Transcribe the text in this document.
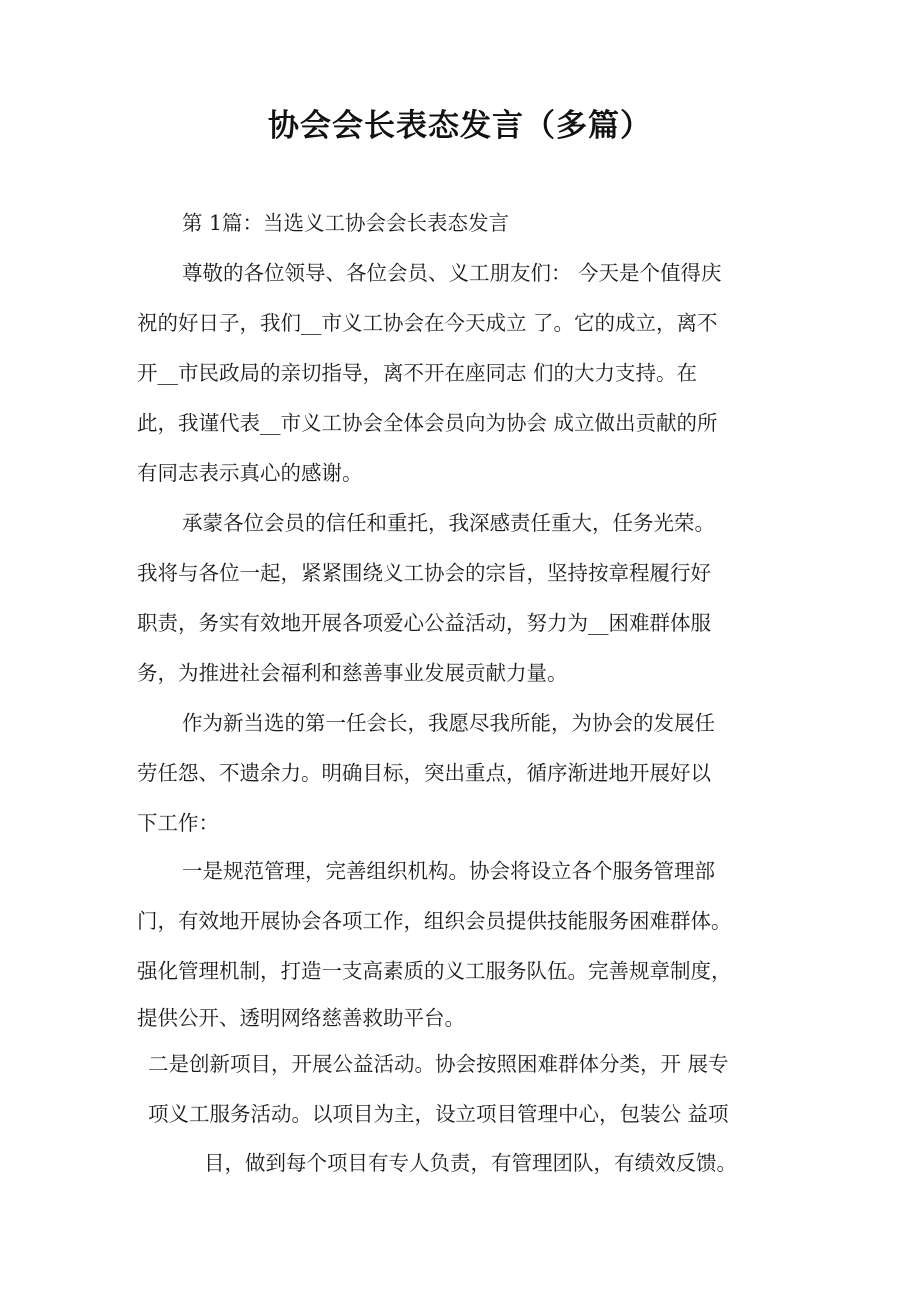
协会会长表态发言（多篇）
第 1篇：当选义工协会会长表态发言
尊敬的各位领导、各位会员、义工朋友们： 今天是个值得庆
祝的好日子，我们__市义工协会在今天成立 了。它的成立，离不
开__市民政局的亲切指导，离不开在座同志 们的大力支持。在
此，我谨代表__市义工协会全体会员向为协会 成立做出贡献的所
有同志表示真心的感谢。
承蒙各位会员的信任和重托，我深感责任重大，任务光荣。
我将与各位一起，紧紧围绕义工协会的宗旨，坚持按章程履行好
职责，务实有效地开展各项爱心公益活动，努力为__困难群体服
务，为推进社会福利和慈善事业发展贡献力量。
作为新当选的第一任会长，我愿尽我所能，为协会的发展任
劳任怨、不遗余力。明确目标，突出重点，循序渐进地开展好以
下工作：
一是规范管理，完善组织机构。协会将设立各个服务管理部
门，有效地开展协会各项工作，组织会员提供技能服务困难群体。
强化管理机制，打造一支高素质的义工服务队伍。完善规章制度，
提供公开、透明网络慈善救助平台。
二是创新项目，开展公益活动。协会按照困难群体分类，开 展专
项义工服务活动。以项目为主，设立项目管理中心，包装公 益项
目，做到每个项目有专人负责，有管理团队，有绩效反馈。
